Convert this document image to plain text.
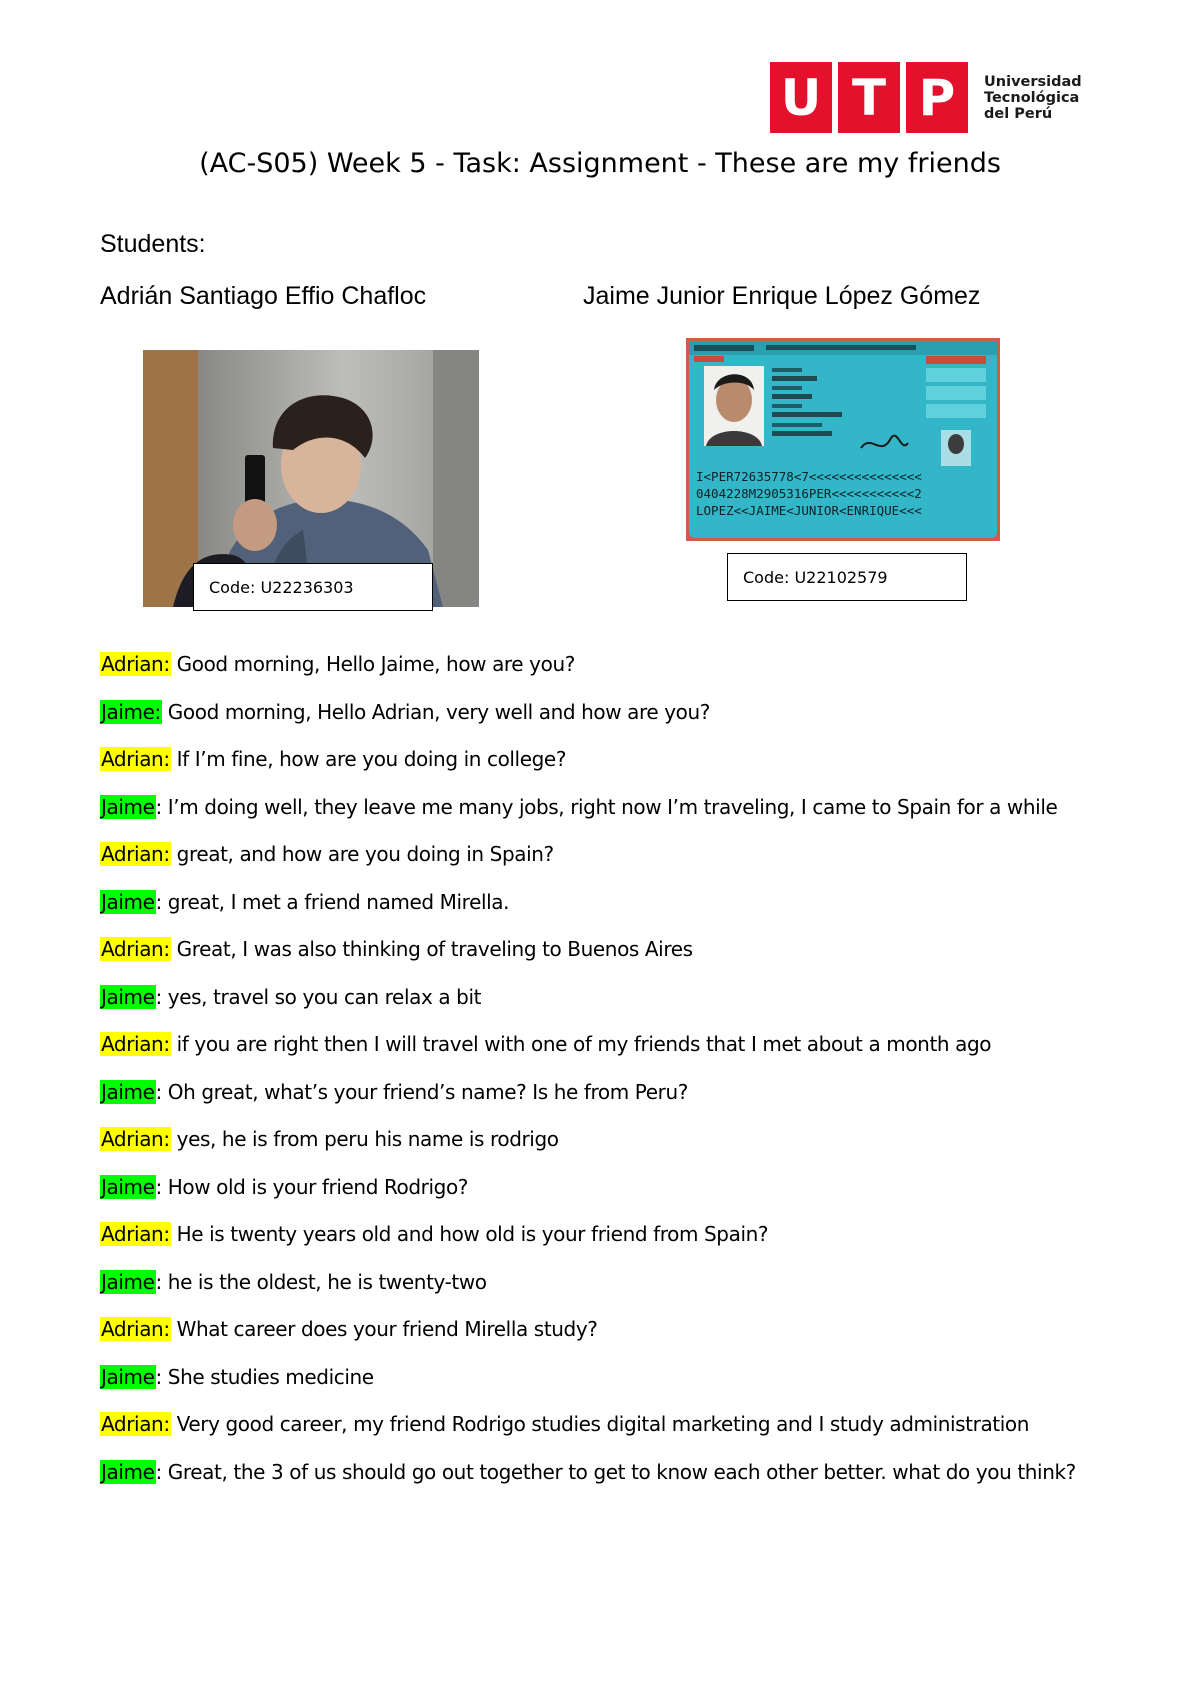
U T P Universidad
Tecnológica
del Perú
(AC-S05) Week 5 - Task: Assignment - These are my friends
Students:
Adrián Santiago Effio Chafloc	Jaime Junior Enrique López Gómez
Code: U22236303
I<PER72635778<7<<<<<<<<<<<<<<<
0404228M2905316PER<<<<<<<<<<<2
LOPEZ<<JAIME<JUNIOR<ENRIQUE<<<
Code: U22102579
Adrian: Good morning, Hello Jaime, how are you?
Jaime: Good morning, Hello Adrian, very well and how are you?
Adrian: If I’m fine, how are you doing in college?
Jaime: I’m doing well, they leave me many jobs, right now I’m traveling, I came to Spain for a while
Adrian: great, and how are you doing in Spain?
Jaime: great, I met a friend named Mirella.
Adrian: Great, I was also thinking of traveling to Buenos Aires
Jaime: yes, travel so you can relax a bit
Adrian: if you are right then I will travel with one of my friends that I met about a month ago
Jaime: Oh great, what’s your friend’s name? Is he from Peru?
Adrian: yes, he is from peru his name is rodrigo
Jaime: How old is your friend Rodrigo?
Adrian: He is twenty years old and how old is your friend from Spain?
Jaime: he is the oldest, he is twenty-two
Adrian: What career does your friend Mirella study?
Jaime: She studies medicine
Adrian: Very good career, my friend Rodrigo studies digital marketing and I study administration
Jaime: Great, the 3 of us should go out together to get to know each other better. what do you think?
